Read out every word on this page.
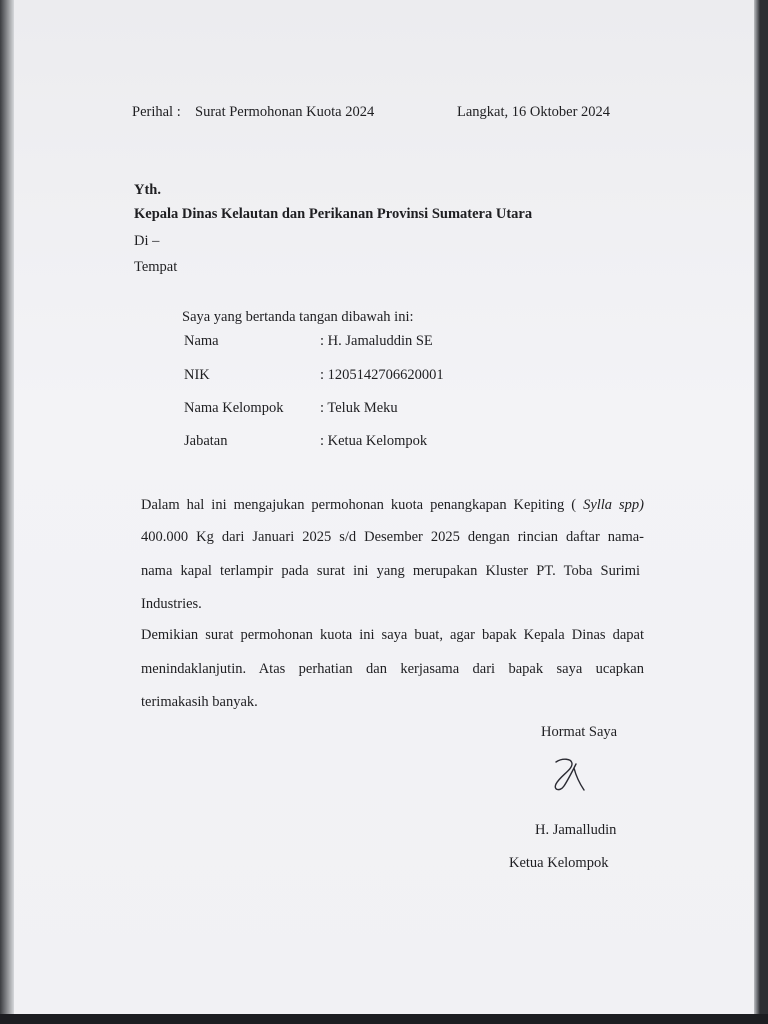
Perihal : Surat Permohonan Kuota 2024	Langkat, 16 Oktober 2024
Yth.
Kepala Dinas Kelautan dan Perikanan Provinsi Sumatera Utara
Di –
Tempat
Saya yang bertanda tangan dibawah ini:
Nama	: H. Jamaluddin SE
NIK	: 1205142706620001
Nama Kelompok	: Teluk Meku
Jabatan	: Ketua Kelompok
Dalam hal ini mengajukan permohonan kuota penangkapan Kepiting ( Sylla spp)
400.000 Kg dari Januari 2025 s/d Desember 2025 dengan rincian daftar nama-
nama kapal terlampir pada surat ini yang merupakan Kluster PT. Toba Surimi
Industries.
Demikian surat permohonan kuota ini saya buat, agar bapak Kepala Dinas dapat
menindaklanjutin. Atas perhatian dan kerjasama dari bapak saya ucapkan
terimakasih banyak.
Hormat Saya
H. Jamalludin
Ketua Kelompok
